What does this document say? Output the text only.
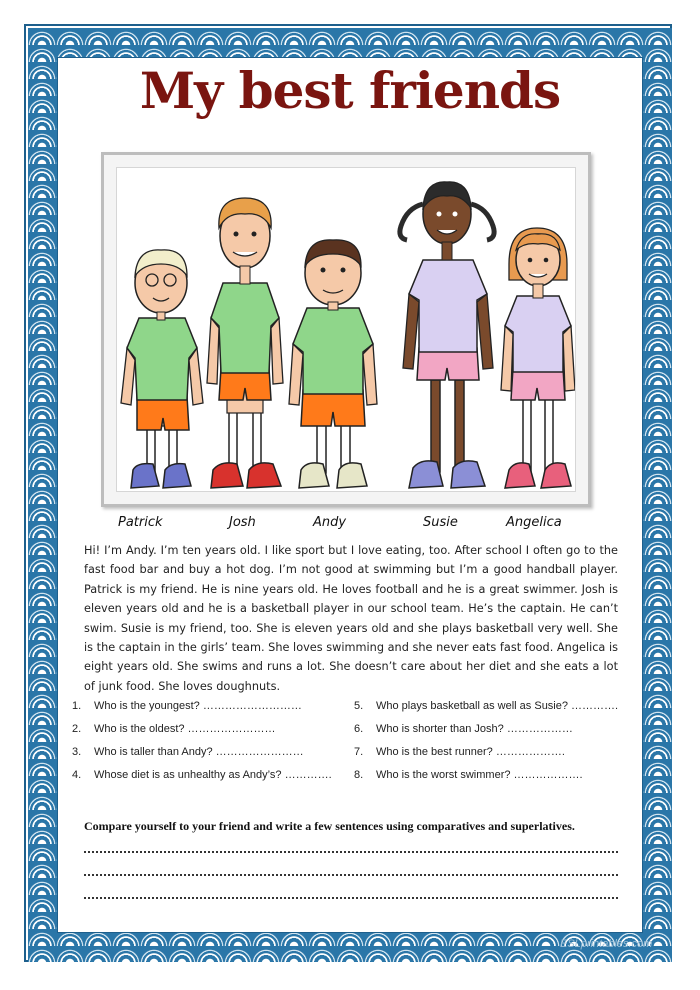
My best friends
Patrick	Josh	Andy	Susie	Angelica
Hi! I’m Andy. I’m ten years old. I like sport but I love eating, too. After school I often go to the fast food bar and buy a hot dog. I’m not good at swimming but I’m a good handball player. Patrick is my friend. He is nine years old. He loves football and he is a great swimmer. Josh is eleven years old and he is a basketball player in our school team. He’s the captain. He can’t swim. Susie is my friend, too. She is eleven years old and she plays basketball very well. She is the captain in the girls’ team. She loves swimming and she never eats fast food. Angelica is eight years old. She swims and runs a lot. She doesn’t care about her diet and she eats a lot of junk food. She loves doughnuts.
1. Who is the youngest? ………………………
2. Who is the oldest? ……………………
3. Who is taller than Andy? ……………………
4. Whose diet is as unhealthy as Andy’s? ………….
5. Who plays basketball as well as Susie? ………….
6. Who is shorter than Josh? ………………
7. Who is the best runner? ……………….
8. Who is the worst swimmer? ……………….
Compare yourself to your friend and write a few sentences using comparatives and superlatives.
ESLprintables.com
